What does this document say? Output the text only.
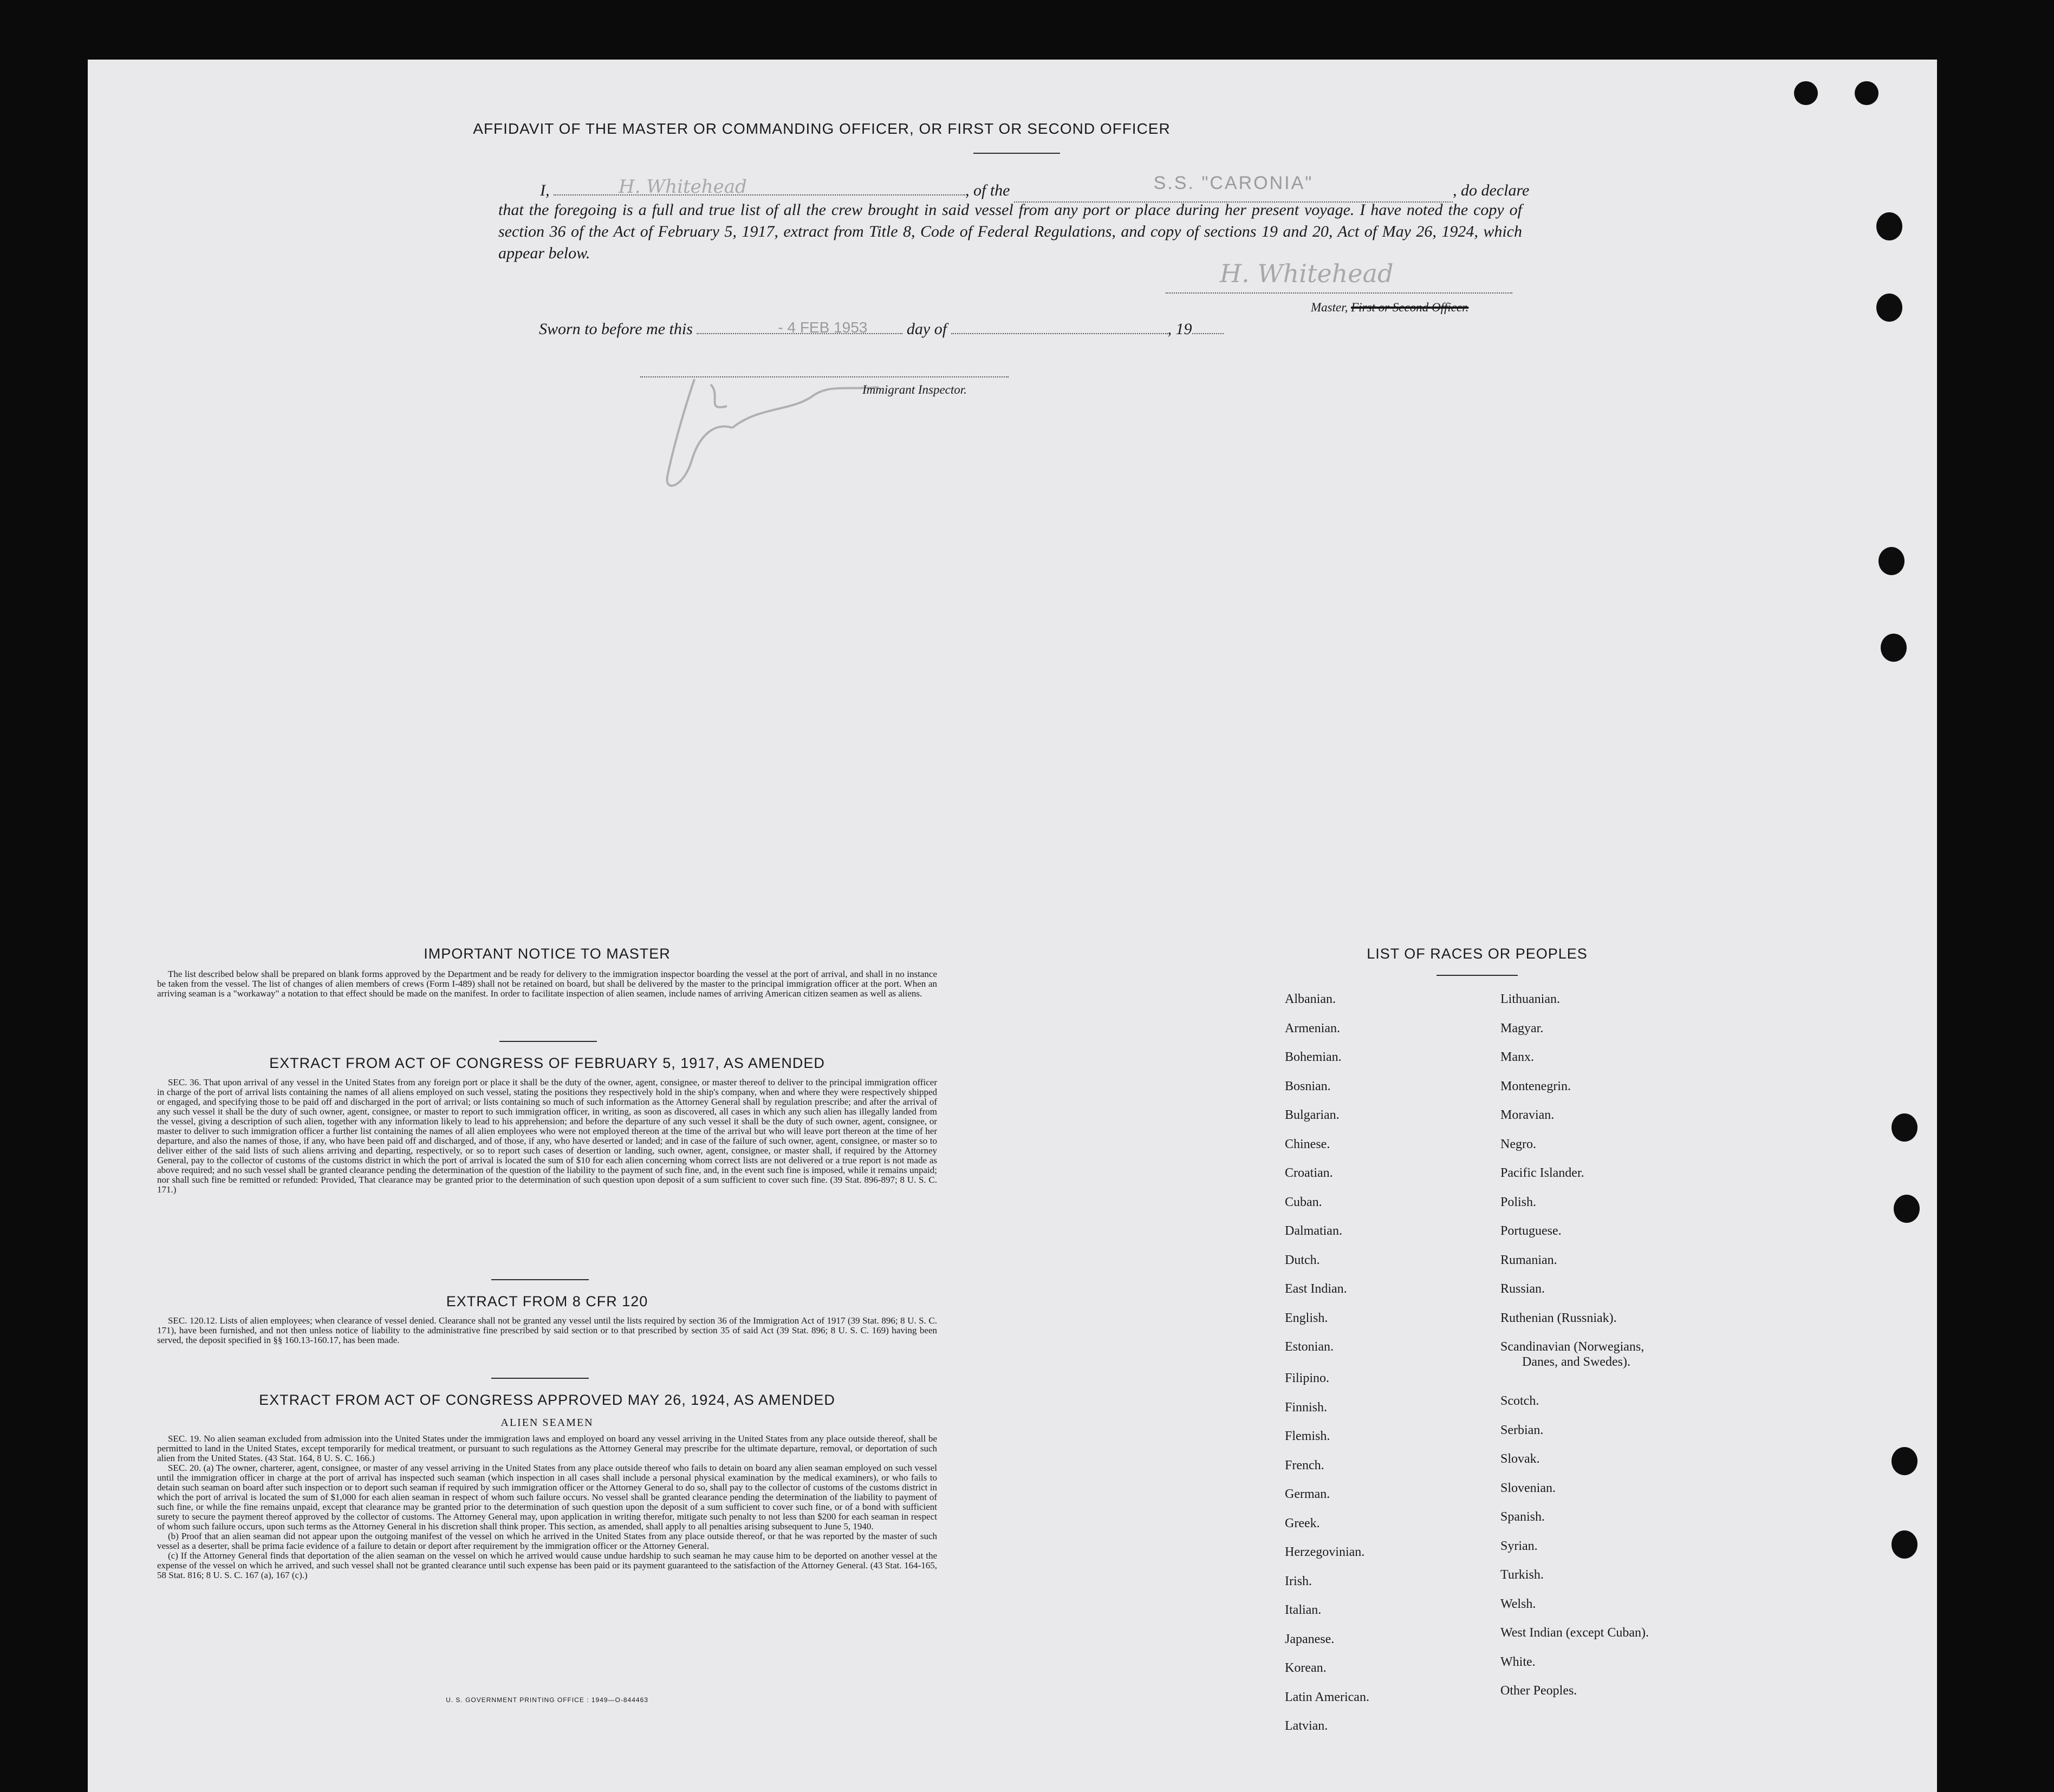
AFFIDAVIT OF THE MASTER OR COMMANDING OFFICER, OR FIRST OR SECOND OFFICER
I,	H. Whitehead	, of the	S.S. "CARONIA"	, do declare
that the foregoing is a full and true list of all the crew brought in said vessel from any port or place during her present voyage. I have noted the copy of section 36 of the Act of February 5, 1917, extract from Title 8, Code of Federal Regulations, and copy of sections 19 and 20, Act of May 26, 1924, which appear below.
H. Whitehead
Master, First or Second Officer.
Sworn to before me this	- 4 FEB 1953 day of	, 19
Immigrant Inspector.
IMPORTANT NOTICE TO MASTER
The list described below shall be prepared on blank forms approved by the Department and be ready for delivery to the immigration inspector boarding the vessel at the port of arrival, and shall in no instance be taken from the vessel. The list of changes of alien members of crews (Form I-489) shall not be retained on board, but shall be delivered by the master to the principal immigration officer at the port. When an arriving seaman is a "workaway" a notation to that effect should be made on the manifest. In order to facilitate inspection of alien seamen, include names of arriving American citizen seamen as well as aliens.
EXTRACT FROM ACT OF CONGRESS OF FEBRUARY 5, 1917, AS AMENDED
SEC. 36. That upon arrival of any vessel in the United States from any foreign port or place it shall be the duty of the owner, agent, consignee, or master thereof to deliver to the principal immigration officer in charge of the port of arrival lists containing the names of all aliens employed on such vessel, stating the positions they respectively hold in the ship's company, when and where they were respectively shipped or engaged, and specifying those to be paid off and discharged in the port of arrival; or lists containing so much of such information as the Attorney General shall by regulation prescribe; and after the arrival of any such vessel it shall be the duty of such owner, agent, consignee, or master to report to such immigration officer, in writing, as soon as discovered, all cases in which any such alien has illegally landed from the vessel, giving a description of such alien, together with any information likely to lead to his apprehension; and before the departure of any such vessel it shall be the duty of such owner, agent, consignee, or master to deliver to such immigration officer a further list containing the names of all alien employees who were not employed thereon at the time of the arrival but who will leave port thereon at the time of her departure, and also the names of those, if any, who have been paid off and discharged, and of those, if any, who have deserted or landed; and in case of the failure of such owner, agent, consignee, or master so to deliver either of the said lists of such aliens arriving and departing, respectively, or so to report such cases of desertion or landing, such owner, agent, consignee, or master shall, if required by the Attorney General, pay to the collector of customs of the customs district in which the port of arrival is located the sum of $10 for each alien concerning whom correct lists are not delivered or a true report is not made as above required; and no such vessel shall be granted clearance pending the determination of the question of the liability to the payment of such fine, and, in the event such fine is imposed, while it remains unpaid; nor shall such fine be remitted or refunded: Provided, That clearance may be granted prior to the determination of such question upon deposit of a sum sufficient to cover such fine. (39 Stat. 896-897; 8 U. S. C. 171.)
EXTRACT FROM 8 CFR 120
SEC. 120.12. Lists of alien employees; when clearance of vessel denied. Clearance shall not be granted any vessel until the lists required by section 36 of the Immigration Act of 1917 (39 Stat. 896; 8 U. S. C. 171), have been furnished, and not then unless notice of liability to the administrative fine prescribed by said section or to that prescribed by section 35 of said Act (39 Stat. 896; 8 U. S. C. 169) having been served, the deposit specified in §§ 160.13-160.17, has been made.
EXTRACT FROM ACT OF CONGRESS APPROVED MAY 26, 1924, AS AMENDED
ALIEN SEAMEN
SEC. 19. No alien seaman excluded from admission into the United States under the immigration laws and employed on board any vessel arriving in the United States from any place outside thereof, shall be permitted to land in the United States, except temporarily for medical treatment, or pursuant to such regulations as the Attorney General may prescribe for the ultimate departure, removal, or deportation of such alien from the United States. (43 Stat. 164, 8 U. S. C. 166.)
SEC. 20. (a) The owner, charterer, agent, consignee, or master of any vessel arriving in the United States from any place outside thereof who fails to detain on board any alien seaman employed on such vessel until the immigration officer in charge at the port of arrival has inspected such seaman (which inspection in all cases shall include a personal physical examination by the medical examiners), or who fails to detain such seaman on board after such inspection or to deport such seaman if required by such immigration officer or the Attorney General to do so, shall pay to the collector of customs of the customs district in which the port of arrival is located the sum of $1,000 for each alien seaman in respect of whom such failure occurs. No vessel shall be granted clearance pending the determination of the liability to payment of such fine, or while the fine remains unpaid, except that clearance may be granted prior to the determination of such question upon the deposit of a sum sufficient to cover such fine, or of a bond with sufficient surety to secure the payment thereof approved by the collector of customs. The Attorney General may, upon application in writing therefor, mitigate such penalty to not less than $200 for each seaman in respect of whom such failure occurs, upon such terms as the Attorney General in his discretion shall think proper. This section, as amended, shall apply to all penalties arising subsequent to June 5, 1940.
(b) Proof that an alien seaman did not appear upon the outgoing manifest of the vessel on which he arrived in the United States from any place outside thereof, or that he was reported by the master of such vessel as a deserter, shall be prima facie evidence of a failure to detain or deport after requirement by the immigration officer or the Attorney General.
(c) If the Attorney General finds that deportation of the alien seaman on the vessel on which he arrived would cause undue hardship to such seaman he may cause him to be deported on another vessel at the expense of the vessel on which he arrived, and such vessel shall not be granted clearance until such expense has been paid or its payment guaranteed to the satisfaction of the Attorney General. (43 Stat. 164-165, 58 Stat. 816; 8 U. S. C. 167 (a), 167 (c).)
U. S. GOVERNMENT PRINTING OFFICE : 1949—O-844463
LIST OF RACES OR PEOPLES
Albanian.
Armenian.
Bohemian.
Bosnian.
Bulgarian.
Chinese.
Croatian.
Cuban.
Dalmatian.
Dutch.
East Indian.
English.
Estonian.
Filipino.
Finnish.
Flemish.
French.
German.
Greek.
Herzegovinian.
Irish.
Italian.
Japanese.
Korean.
Latin American.
Latvian.
Lithuanian.
Magyar.
Manx.
Montenegrin.
Moravian.
Negro.
Pacific Islander.
Polish.
Portuguese.
Rumanian.
Russian.
Ruthenian (Russniak).
Scandinavian (Norwegians,
Danes, and Swedes).
Scotch.
Serbian.
Slovak.
Slovenian.
Spanish.
Syrian.
Turkish.
Welsh.
West Indian (except Cuban).
White.
Other Peoples.
